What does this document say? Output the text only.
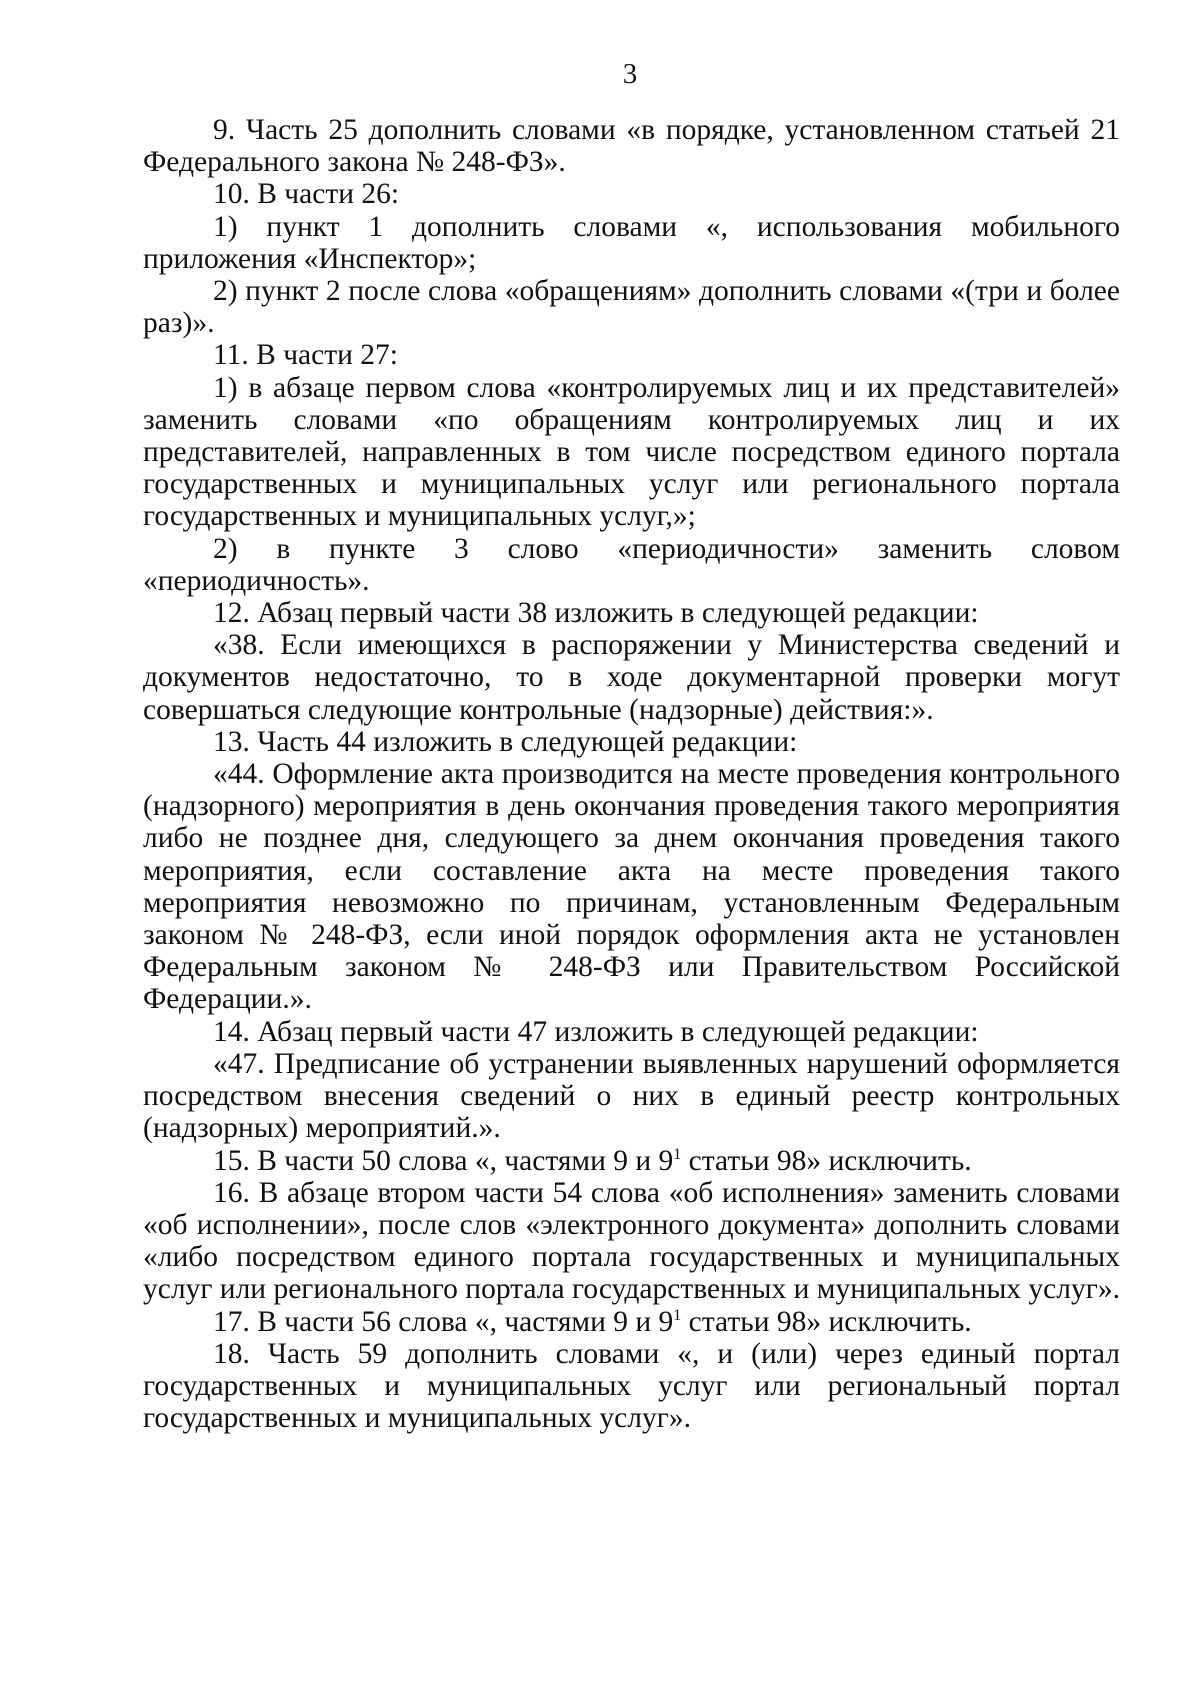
3

9. Часть 25 дополнить словами «в порядке, установленном статьей 21 Федерального закона № 248-ФЗ».

10. В части 26:

1) пункт 1 дополнить словами «, использования мобильного приложения «Инспектор»;

2) пункт 2 после слова «обращениям» дополнить словами «(три и более раз)».

11. В части 27:

1) в абзаце первом слова «контролируемых лиц и их представителей» заменить словами «по обращениям контролируемых лиц и их представителей, направленных в том числе посредством единого портала государственных и муниципальных услуг или регионального портала государственных и муниципальных услуг,»;

2) в пункте 3 слово «периодичности» заменить словом «периодичность».

12. Абзац первый части 38 изложить в следующей редакции:

«38. Если имеющихся в распоряжении у Министерства сведений и документов недостаточно, то в ходе документарной проверки могут совершаться следующие контрольные (надзорные) действия:».

13. Часть 44 изложить в следующей редакции:

«44. Оформление акта производится на месте проведения контрольного (надзорного) мероприятия в день окончания проведения такого мероприятия либо не позднее дня, следующего за днем окончания проведения такого мероприятия, если составление акта на месте проведения такого мероприятия невозможно по причинам, установленным Федеральным законом № 248-ФЗ, если иной порядок оформления акта не установлен Федеральным законом № 248-ФЗ или Правительством Российской Федерации.».

14. Абзац первый части 47 изложить в следующей редакции:

«47. Предписание об устранении выявленных нарушений оформляется посредством внесения сведений о них в единый реестр контрольных (надзорных) мероприятий.».

15. В части 50 слова «, частями 9 и $9^1$ статьи 98» исключить.

16. В абзаце втором части 54 слова «об исполнения» заменить словами «об исполнении», после слов «электронного документа» дополнить словами «либо посредством единого портала государственных и муниципальных услуг или регионального портала государственных и муниципальных услуг».

17. В части 56 слова «, частями 9 и $9^1$ статьи 98» исключить.

18. Часть 59 дополнить словами «, и (или) через единый портал государственных и муниципальных услуг или региональный портал государственных и муниципальных услуг».
